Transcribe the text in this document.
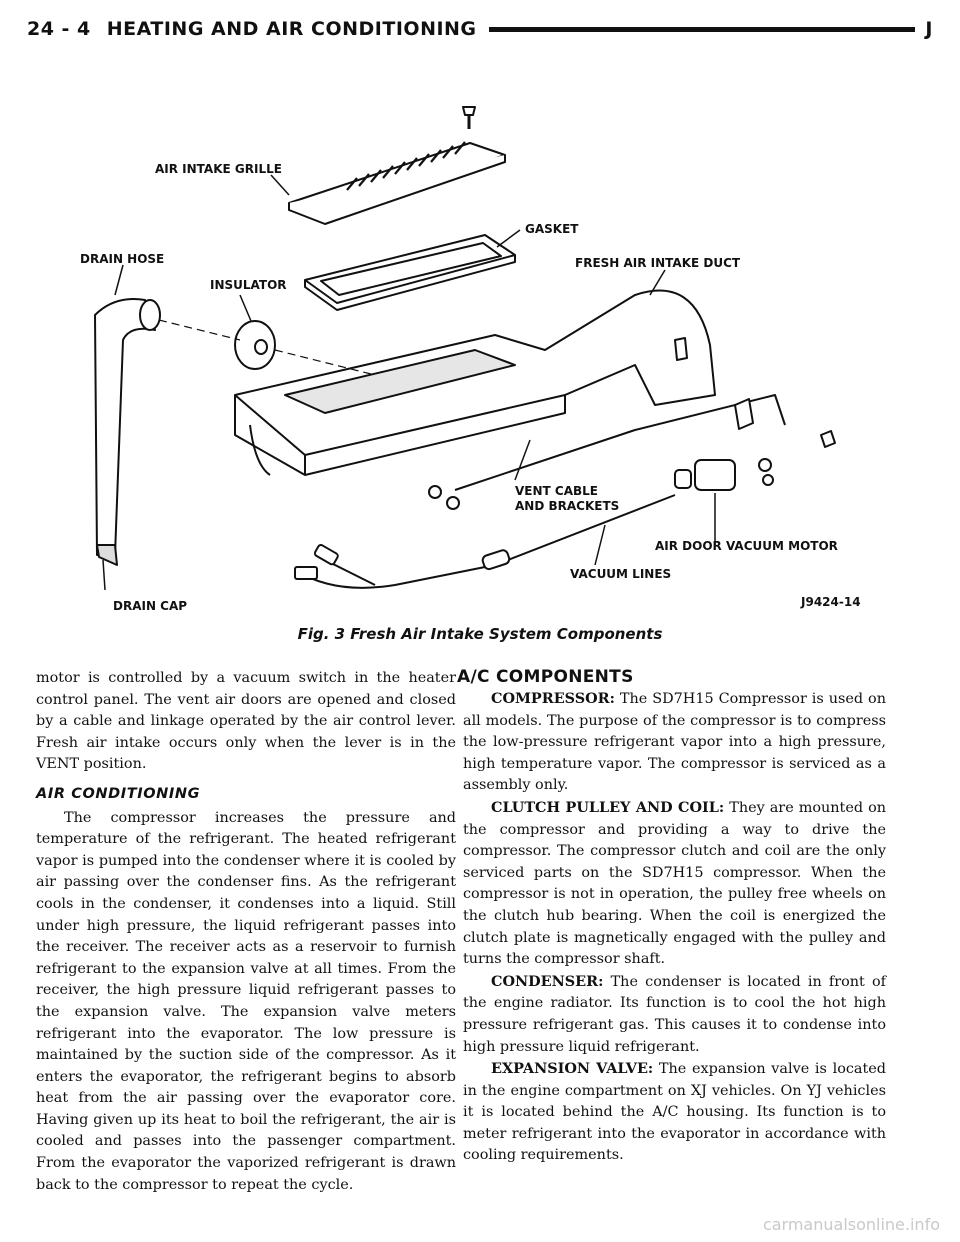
24 - 4 HEATING AND AIR CONDITIONING	J
AIR INTAKE GRILLE
GASKET
DRAIN HOSE
INSULATOR
FRESH AIR INTAKE DUCT
VENT CABLE
AND BRACKETS
AIR DOOR VACUUM MOTOR
VACUUM LINES
DRAIN CAP	J9424-14
Fig. 3 Fresh Air Intake System Components

motor is controlled by a vacuum switch in the heater control panel. The vent air doors are opened and closed by a cable and linkage operated by the air control lever. Fresh air intake occurs only when the lever is in the VENT position.

AIR CONDITIONING

The compressor increases the pressure and temperature of the refrigerant. The heated refrigerant vapor is pumped into the condenser where it is cooled by air passing over the condenser fins. As the refrigerant cools in the condenser, it condenses into a liquid. Still under high pressure, the liquid refrigerant passes into the receiver. The receiver acts as a reservoir to furnish refrigerant to the expansion valve at all times. From the receiver, the high pressure liquid refrigerant passes to the expansion valve. The expansion valve meters refrigerant into the evaporator. The low pressure is maintained by the suction side of the compressor. As it enters the evaporator, the refrigerant begins to absorb heat from the air passing over the evaporator core. Having given up its heat to boil the refrigerant, the air is cooled and passes into the passenger compartment. From the evaporator the vaporized refrigerant is drawn back to the compressor to repeat the cycle.

A/C COMPONENTS

COMPRESSOR: The SD7H15 Compressor is used on all models. The purpose of the compressor is to compress the low-pressure refrigerant vapor into a high pressure, high temperature vapor. The compressor is serviced as a assembly only.

CLUTCH PULLEY AND COIL: They are mounted on the compressor and providing a way to drive the compressor. The compressor clutch and coil are the only serviced parts on the SD7H15 compressor. When the compressor is not in operation, the pulley free wheels on the clutch hub bearing. When the coil is energized the clutch plate is magnetically engaged with the pulley and turns the compressor shaft.

CONDENSER: The condenser is located in front of the engine radiator. Its function is to cool the hot high pressure refrigerant gas. This causes it to condense into high pressure liquid refrigerant.

EXPANSION VALVE: The expansion valve is located in the engine compartment on XJ vehicles. On YJ vehicles it is located behind the A/C housing. Its function is to meter refrigerant into the evaporator in accordance with cooling requirements.

carmanualsonline.info
